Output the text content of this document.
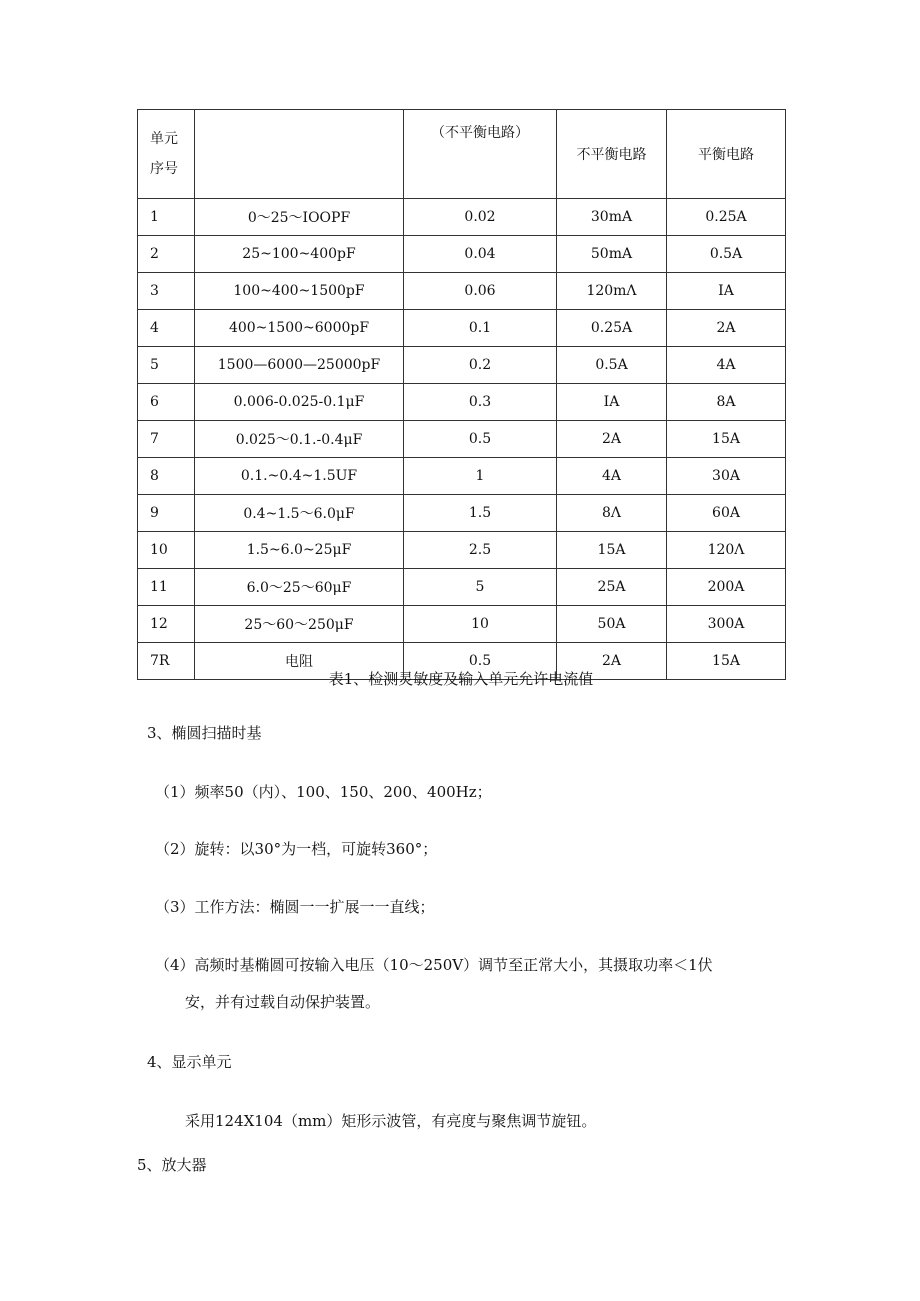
单元
序号		（不平衡电路）	不平衡电路	平衡电路
1	0～25～IOOPF	0.02	30mA	0.25A
2	25~100~400pF	0.04	50mA	0.5A
3	100~400~1500pF	0.06	120mΛ	IA
4	400~1500~6000pF	0.1	0.25A	2A
5	1500—6000—25000pF	0.2	0.5A	4A
6	0.006-0.025-0.1μF	0.3	IA	8A
7	0.025～0.1.-0.4μF	0.5	2A	15A
8	0.1.~0.4~1.5UF	1	4A	30A
9	0.4~1.5～6.0μF	1.5	8Λ	60A
10	1.5~6.0~25μF	2.5	15A	120Λ
11	6.0～25～60μF	5	25A	200A
12	25～60～250μF	10	50A	300A
7R	电阻	0.5	2A	15A
表1、检测灵敏度及输入单元允许电流值
3、椭圆扫描时基
（1）频率50（内）、100、150、200、400Hz；
（2）旋转：以30°为一档，可旋转360°；
（3）工作方法：椭圆一一扩展一一直线；
（4）高频时基椭圆可按输入电压（10～250V）调节至正常大小，其摄取功率＜1伏
安，并有过载自动保护装置。
4、显示单元
采用124X104（mm）矩形示波管，有亮度与聚焦调节旋钮。
5、放大器
